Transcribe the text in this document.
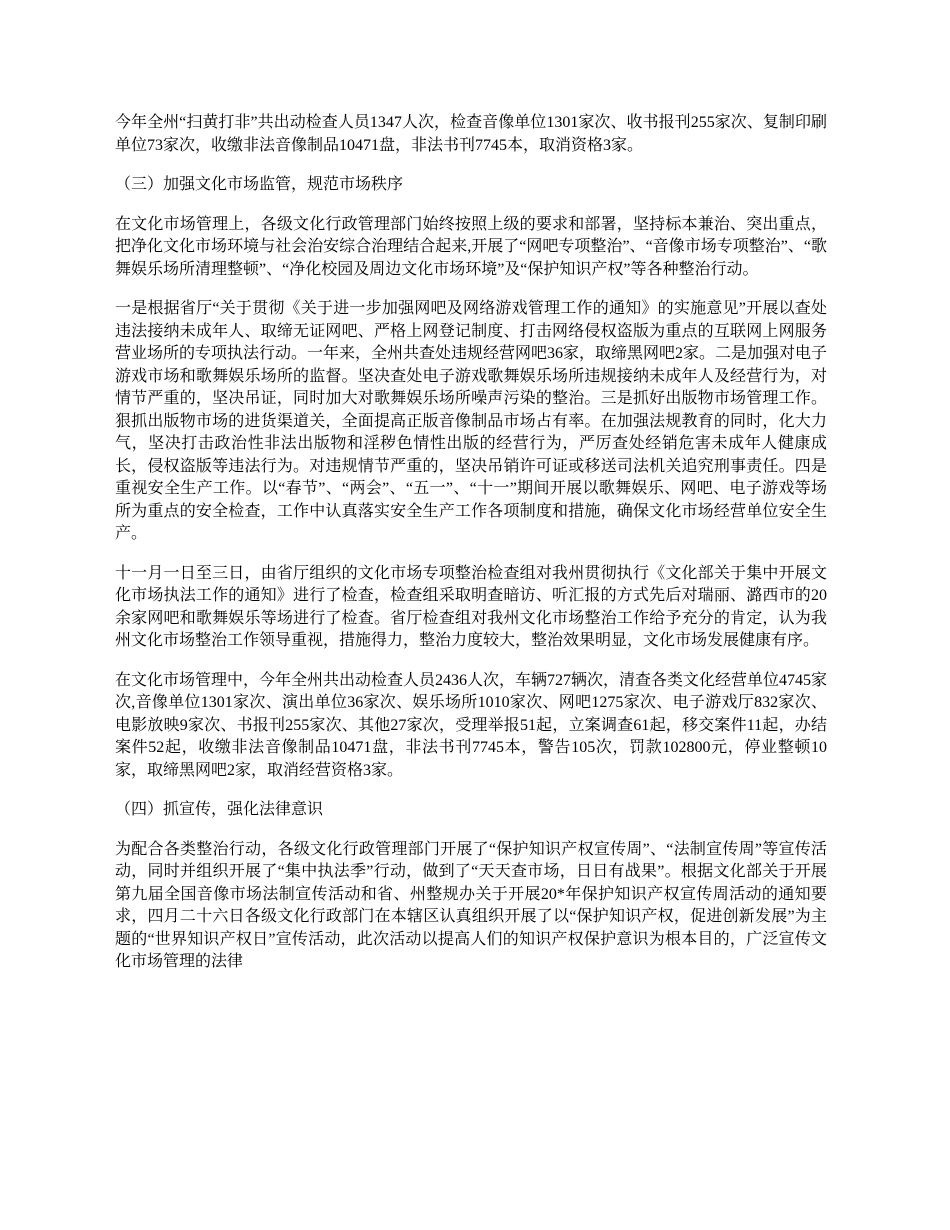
今年全州“扫黄打非”共出动检查人员1347人次，检查音像单位1301家次、收书报刊255家次、复制印刷单位73家次，收缴非法音像制品10471盘，非法书刊7745本，取消资格3家。

（三）加强文化市场监管，规范市场秩序

在文化市场管理上，各级文化行政管理部门始终按照上级的要求和部署，坚持标本兼治、突出重点，把净化文化市场环境与社会治安综合治理结合起来,开展了“网吧专项整治”、“音像市场专项整治”、“歌舞娱乐场所清理整顿”、“净化校园及周边文化市场环境”及“保护知识产权”等各种整治行动。

一是根据省厅“关于贯彻《关于进一步加强网吧及网络游戏管理工作的通知》的实施意见”开展以查处违法接纳未成年人、取缔无证网吧、严格上网登记制度、打击网络侵权盗版为重点的互联网上网服务营业场所的专项执法行动。一年来，全州共查处违规经营网吧36家，取缔黑网吧2家。二是加强对电子游戏市场和歌舞娱乐场所的监督。坚决查处电子游戏歌舞娱乐场所违规接纳未成年人及经营行为，对情节严重的，坚决吊证，同时加大对歌舞娱乐场所噪声污染的整治。三是抓好出版物市场管理工作。狠抓出版物市场的进货渠道关，全面提高正版音像制品市场占有率。在加强法规教育的同时，化大力气，坚决打击政治性非法出版物和淫秽色情性出版的经营行为，严厉查处经销危害未成年人健康成长，侵权盗版等违法行为。对违规情节严重的，坚决吊销许可证或移送司法机关追究刑事责任。四是重视安全生产工作。以“春节”、“两会”、“五一”、“十一”期间开展以歌舞娱乐、网吧、电子游戏等场所为重点的安全检查，工作中认真落实安全生产工作各项制度和措施，确保文化市场经营单位安全生产。

十一月一日至三日，由省厅组织的文化市场专项整治检查组对我州贯彻执行《文化部关于集中开展文化市场执法工作的通知》进行了检查，检查组采取明查暗访、听汇报的方式先后对瑞丽、潞西市的20余家网吧和歌舞娱乐等场进行了检查。省厅检查组对我州文化市场整治工作给予充分的肯定，认为我州文化市场整治工作领导重视，措施得力，整治力度较大，整治效果明显，文化市场发展健康有序。

在文化市场管理中，今年全州共出动检查人员2436人次，车辆727辆次，清查各类文化经营单位4745家次,音像单位1301家次、演出单位36家次、娱乐场所1010家次、网吧1275家次、电子游戏厅832家次、电影放映9家次、书报刊255家次、其他27家次，受理举报51起，立案调查61起，移交案件11起，办结案件52起，收缴非法音像制品10471盘，非法书刊7745本，警告105次，罚款102800元，停业整顿10家，取缔黑网吧2家，取消经营资格3家。

（四）抓宣传，强化法律意识

为配合各类整治行动，各级文化行政管理部门开展了“保护知识产权宣传周”、“法制宣传周”等宣传活动，同时并组织开展了“集中执法季”行动，做到了“天天查市场，日日有战果”。根据文化部关于开展第九届全国音像市场法制宣传活动和省、州整规办关于开展20*年保护知识产权宣传周活动的通知要求，四月二十六日各级文化行政部门在本辖区认真组织开展了以“保护知识产权，促进创新发展”为主题的“世界知识产权日”宣传活动，此次活动以提高人们的知识产权保护意识为根本目的，广泛宣传文化市场管理的法律
